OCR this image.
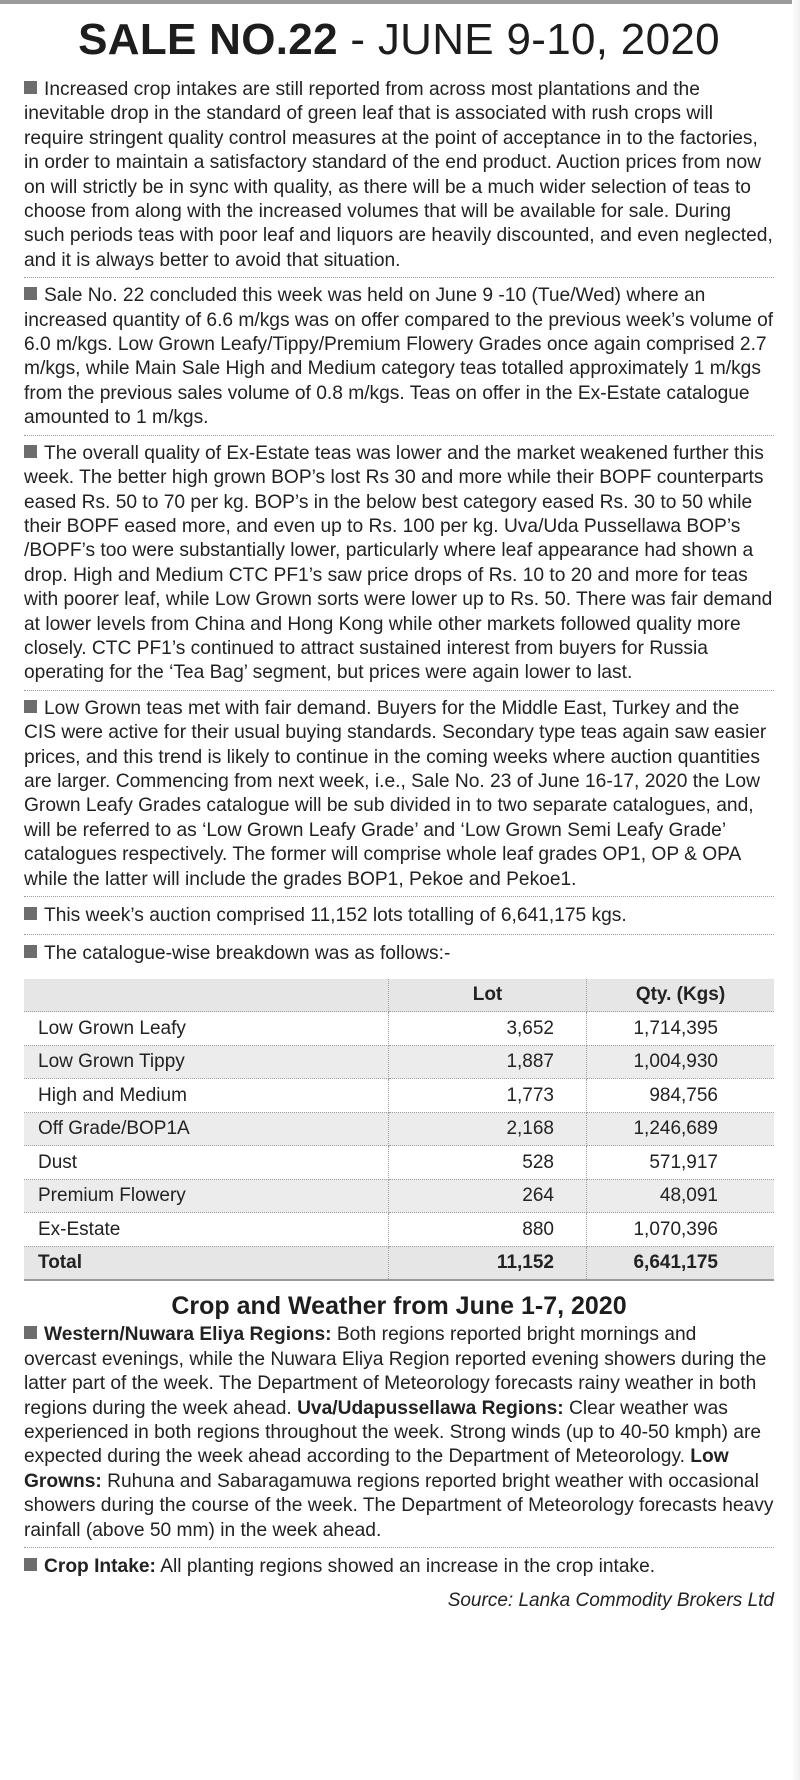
SALE NO.22 - JUNE 9-10, 2020
Increased crop intakes are still reported from across most plantations and the inevitable drop in the standard of green leaf that is associated with rush crops will require stringent quality control measures at the point of acceptance in to the factories, in order to maintain a satisfactory standard of the end product. Auction prices from now on will strictly be in sync with quality, as there will be a much wider selection of teas to choose from along with the increased volumes that will be available for sale. During such periods teas with poor leaf and liquors are heavily discounted, and even neglected, and it is always better to avoid that situation.
Sale No. 22 concluded this week was held on June 9 -10 (Tue/Wed) where an increased quantity of 6.6 m/kgs was on offer compared to the previous week’s volume of 6.0 m/kgs. Low Grown Leafy/Tippy/Premium Flowery Grades once again comprised 2.7 m/kgs, while Main Sale High and Medium category teas totalled approximately 1 m/kgs from the previous sales volume of 0.8 m/kgs. Teas on offer in the Ex-Estate catalogue amounted to 1 m/kgs.
The overall quality of Ex-Estate teas was lower and the market weakened further this week. The better high grown BOP’s lost Rs 30 and more while their BOPF counterparts eased Rs. 50 to 70 per kg. BOP’s in the below best category eased Rs. 30 to 50 while their BOPF eased more, and even up to Rs. 100 per kg. Uva/Uda Pussellawa BOP’s /BOPF’s too were substantially lower, particularly where leaf appearance had shown a drop. High and Medium CTC PF1’s saw price drops of Rs. 10 to 20 and more for teas with poorer leaf, while Low Grown sorts were lower up to Rs. 50. There was fair demand at lower levels from China and Hong Kong while other markets followed quality more closely. CTC PF1’s continued to attract sustained interest from buyers for Russia operating for the ‘Tea Bag’ segment, but prices were again lower to last.
Low Grown teas met with fair demand. Buyers for the Middle East, Turkey and the CIS were active for their usual buying standards. Secondary type teas again saw easier prices, and this trend is likely to continue in the coming weeks where auction quantities are larger. Commencing from next week, i.e., Sale No. 23 of June 16-17, 2020 the Low Grown Leafy Grades catalogue will be sub divided in to two separate catalogues, and, will be referred to as ‘Low Grown Leafy Grade’ and ‘Low Grown Semi Leafy Grade’ catalogues respectively. The former will comprise whole leaf grades OP1, OP & OPA while the latter will include the grades BOP1, Pekoe and Pekoe1.
This week’s auction comprised 11,152 lots totalling of 6,641,175 kgs.
The catalogue-wise breakdown was as follows:-
	Lot	Qty. (Kgs)
Low Grown Leafy	3,652	1,714,395
Low Grown Tippy	1,887	1,004,930
High and Medium	1,773	984,756
Off Grade/BOP1A	2,168	1,246,689
Dust	528	571,917
Premium Flowery	264	48,091
Ex-Estate	880	1,070,396
Total	11,152	6,641,175
Crop and Weather from June 1-7, 2020
Western/Nuwara Eliya Regions: Both regions reported bright mornings and overcast evenings, while the Nuwara Eliya Region reported evening showers during the latter part of the week. The Department of Meteorology forecasts rainy weather in both regions during the week ahead. Uva/Udapussellawa Regions: Clear weather was experienced in both regions throughout the week. Strong winds (up to 40-50 kmph) are expected during the week ahead according to the Department of Meteorology. Low Growns: Ruhuna and Sabaragamuwa regions reported bright weather with occasional showers during the course of the week. The Department of Meteorology forecasts heavy rainfall (above 50 mm) in the week ahead.
Crop Intake: All planting regions showed an increase in the crop intake.
Source: Lanka Commodity Brokers Ltd
